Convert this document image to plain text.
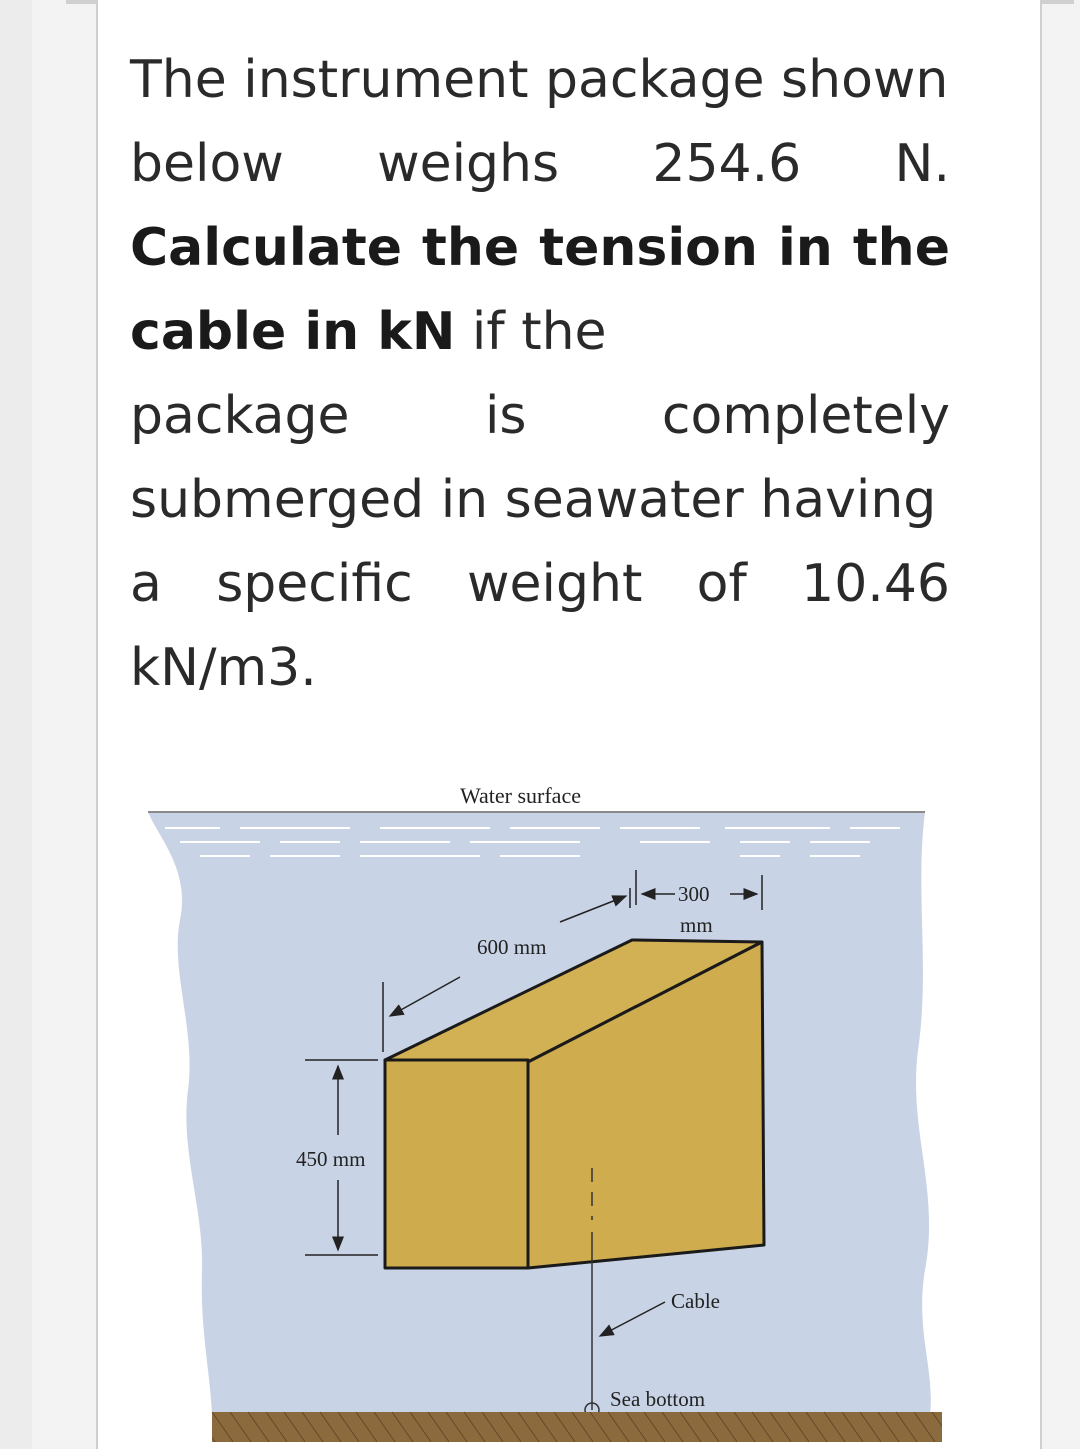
The instrument package shown
below weighs 254.6 N.
Calculate the tension in the
cable in kN if the
package	is	completely
submerged in seawater having
a specific weight of 10.46
kN/m3.
450 mm
600 mm
300
mm
Water surface
Cable
Sea bottom
